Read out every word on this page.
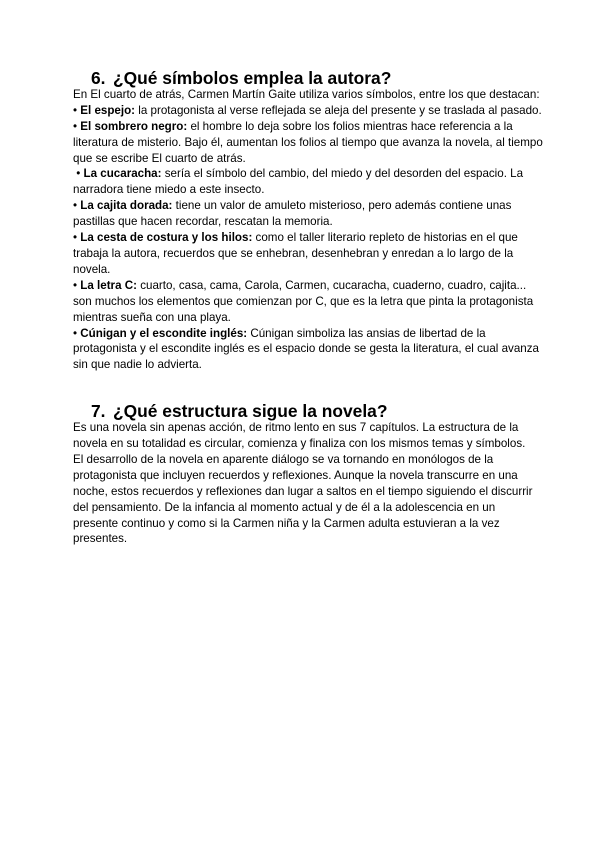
6. ¿Qué símbolos emplea la autora?

En El cuarto de atrás, Carmen Martín Gaite utiliza varios símbolos, entre los que destacan:

• El espejo: la protagonista al verse reflejada se aleja del presente y se traslada al pasado.

• El sombrero negro: el hombre lo deja sobre los folios mientras hace referencia a la literatura de misterio. Bajo él, aumentan los folios al tiempo que avanza la novela, al tiempo que se escribe El cuarto de atrás.

• La cucaracha: sería el símbolo del cambio, del miedo y del desorden del espacio. La narradora tiene miedo a este insecto.

• La cajita dorada: tiene un valor de amuleto misterioso, pero además contiene unas pastillas que hacen recordar, rescatan la memoria.

• La cesta de costura y los hilos: como el taller literario repleto de historias en el que trabaja la autora, recuerdos que se enhebran, desenhebran y enredan a lo largo de la novela.

• La letra C: cuarto, casa, cama, Carola, Carmen, cucaracha, cuaderno, cuadro, cajita... son muchos los elementos que comienzan por C, que es la letra que pinta la protagonista mientras sueña con una playa.

• Cúnigan y el escondite inglés: Cúnigan simboliza las ansias de libertad de la protagonista y el escondite inglés es el espacio donde se gesta la literatura, el cual avanza sin que nadie lo advierta.

7. ¿Qué estructura sigue la novela?

Es una novela sin apenas acción, de ritmo lento en sus 7 capítulos. La estructura de la novela en su totalidad es circular, comienza y finaliza con los mismos temas y símbolos.

El desarrollo de la novela en aparente diálogo se va tornando en monólogos de la protagonista que incluyen recuerdos y reflexiones. Aunque la novela transcurre en una noche, estos recuerdos y reflexiones dan lugar a saltos en el tiempo siguiendo el discurrir del pensamiento. De la infancia al momento actual y de él a la adolescencia en un presente continuo y como si la Carmen niña y la Carmen adulta estuvieran a la vez presentes.
